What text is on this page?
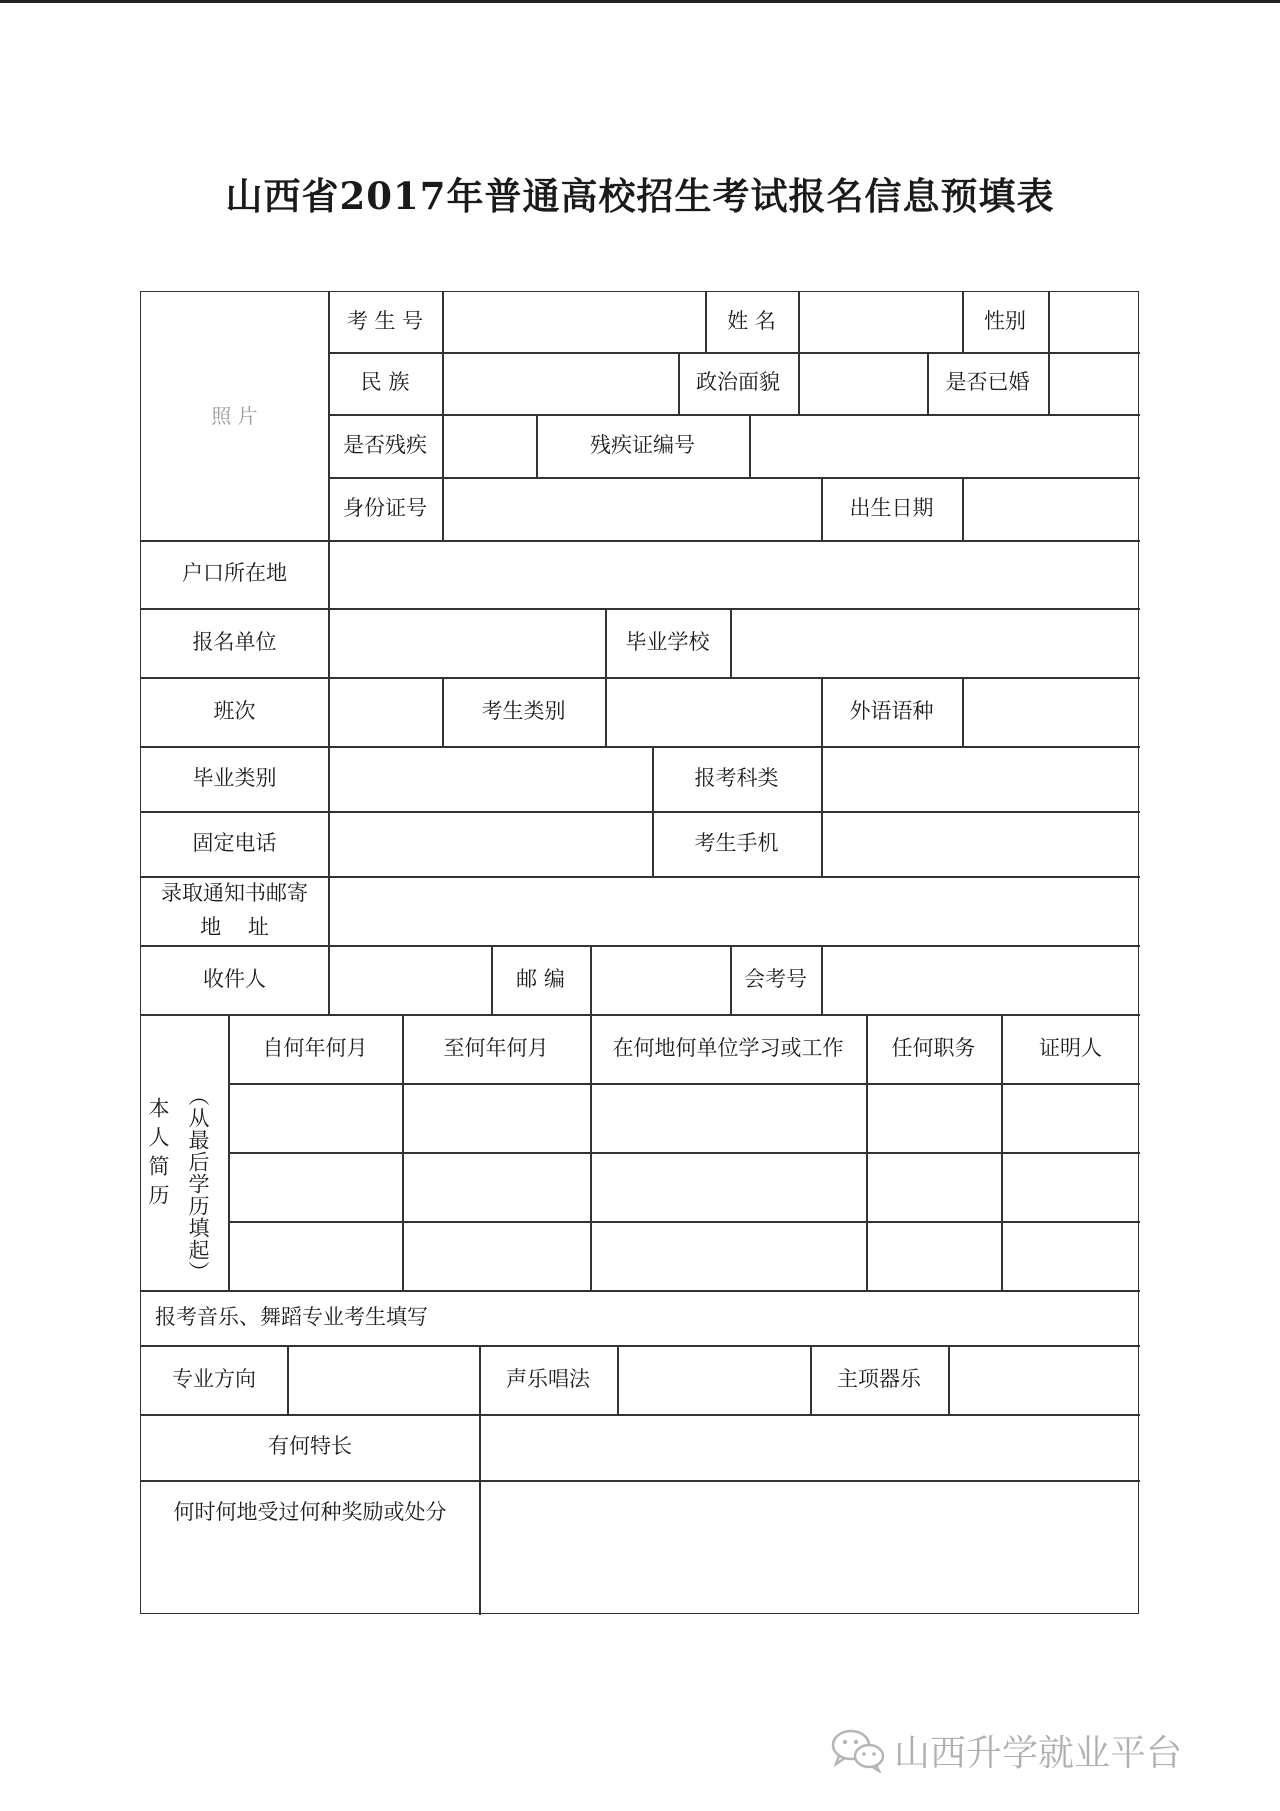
山西省2017年普通高校招生考试报名信息预填表
照 片
考 生 号	姓 名	性别
民 族	政治面貌	是否已婚
是否残疾	残疾证编号
身份证号	出生日期
户口所在地
报名单位	毕业学校
班次	考生类别	外语语种
毕业类别	报考科类
固定电话	考生手机
录取通知书邮寄
地    址
收件人	邮 编	会考号
本人简历 （从最后学历填起）
自何年何月	至何年何月	在何地何单位学习或工作	任何职务	证明人
报考音乐、舞蹈专业考生填写
专业方向	声乐唱法	主项器乐
有何特长
何时何地受过何种奖励或处分
山西升学就业平台
